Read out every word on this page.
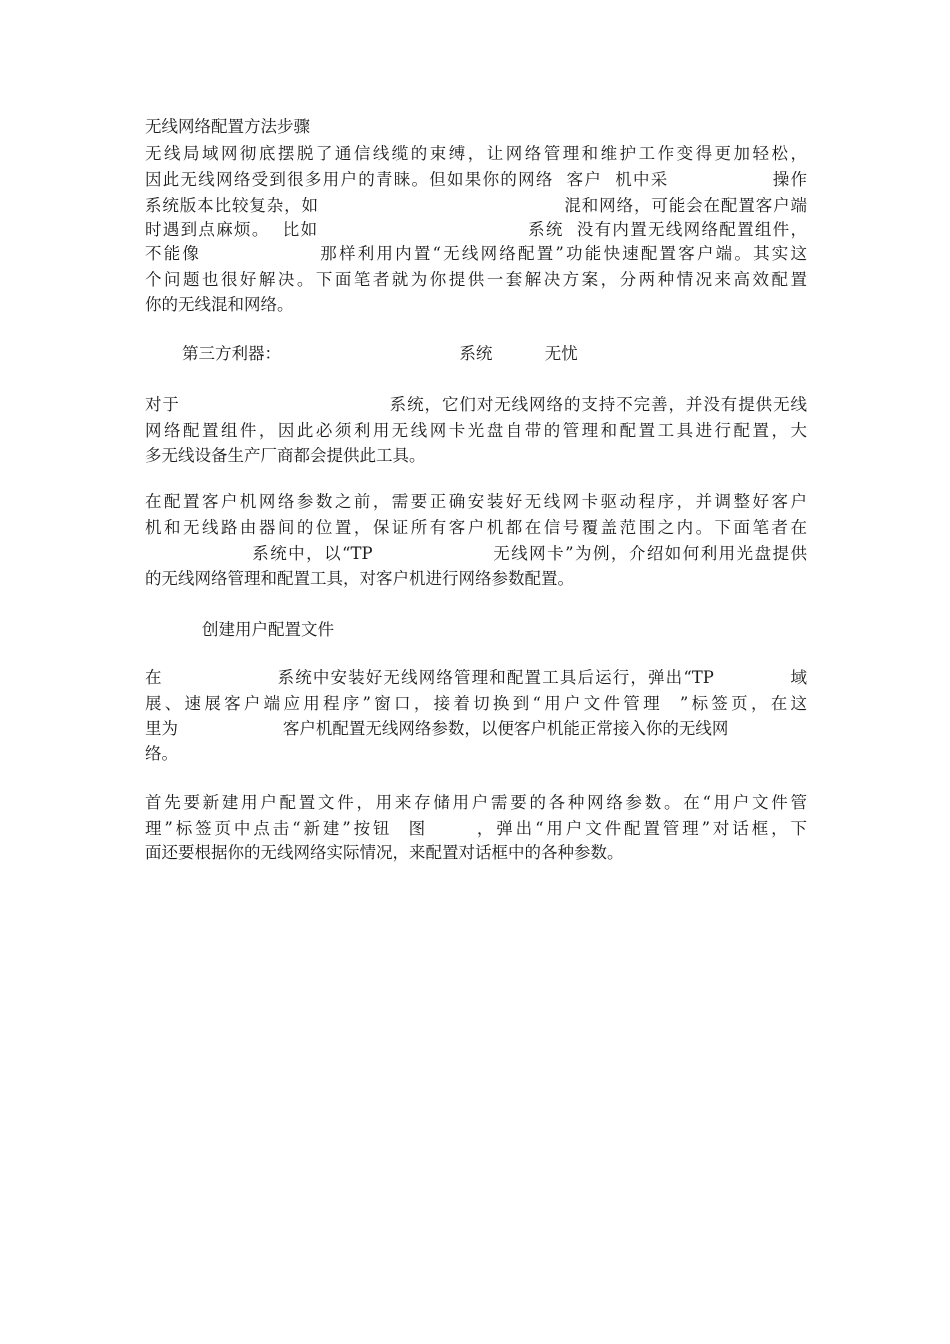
无线网络配置方法步骤
无线局域网彻底摆脱了通信线缆的束缚，让网络管理和维护工作变得更加轻松，
因此无线网络受到很多用户的青睐。但如果你的网络  客户  机中采                操作
系统版本比较复杂，如                                        混和网络，可能会在配置客户端
时遇到点麻烦。  比如                                系统  没有内置无线网络配置组件，
不能像                那样利用内置“无线网络配置”功能快速配置客户端。其实这
个问题也很好解决。下面笔者就为你提供一套解决方案，分两种情况来高效配置
你的无线混和网络。
第三方利器：                                  系统          无忧
对于                                  系统，它们对无线网络的支持不完善，并没有提供无线
网络配置组件，因此必须利用无线网卡光盘自带的管理和配置工具进行配置，大
多无线设备生产厂商都会提供此工具。
在配置客户机网络参数之前，需要正确安装好无线网卡驱动程序，并调整好客户
机和无线路由器间的位置，保证所有客户机都在信号覆盖范围之内。下面笔者在
系统中，以“TP                  无线网卡”为例，介绍如何利用光盘提供
的无线网络管理和配置工具，对客户机进行网络参数配置。
创建用户配置文件
在                  系统中安装好无线网络管理和配置工具后运行，弹出“TP            域
展、速展客户端应用程序”窗口，接着切换到“用户文件管理  ”标签页，在这
里为                    客户机配置无线网络参数，以便客户机能正常接入你的无线网
络。
首先要新建用户配置文件，用来存储用户需要的各种网络参数。在“用户文件管
理”标签页中点击“新建”按钮  图      ，弹出“用户文件配置管理”对话框，下
面还要根据你的无线网络实际情况，来配置对话框中的各种参数。
